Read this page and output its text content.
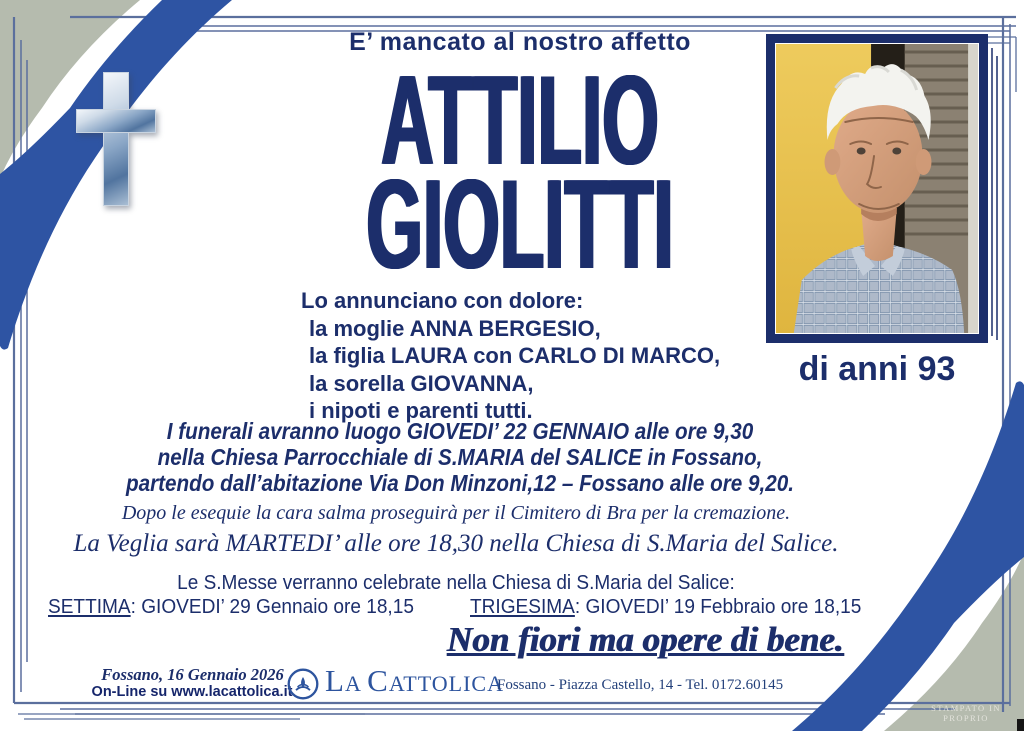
E’ mancato al nostro affetto
ATTILIO
GIOLITTI
di anni 93
Lo annunciano con dolore:
la moglie ANNA BERGESIO,
la figlia LAURA con CARLO DI MARCO,
la sorella GIOVANNA,
i nipoti e parenti tutti.
I funerali avranno luogo GIOVEDI’ 22 GENNAIO alle ore 9,30
nella Chiesa Parrocchiale di S.MARIA del SALICE in Fossano,
partendo dall’abitazione Via Don Minzoni,12 – Fossano alle ore 9,20.
Dopo le esequie la cara salma proseguirà per il Cimitero di Bra per la cremazione.
La Veglia sarà MARTEDI’ alle ore 18,30 nella Chiesa di S.Maria del Salice.
Le S.Messe verranno celebrate nella Chiesa di S.Maria del Salice:
SETTIMA: GIOVEDI’ 29 Gennaio ore 18,15	TRIGESIMA: GIOVEDI’ 19 Febbraio ore 18,15
Non fiori ma opere di bene.
Fossano, 16 Gennaio 2026
On-Line su www.lacattolica.it	LA CATTOLICA
Fossano - Piazza Castello, 14 - Tel. 0172.60145
STAMPATO IN PROPRIO
